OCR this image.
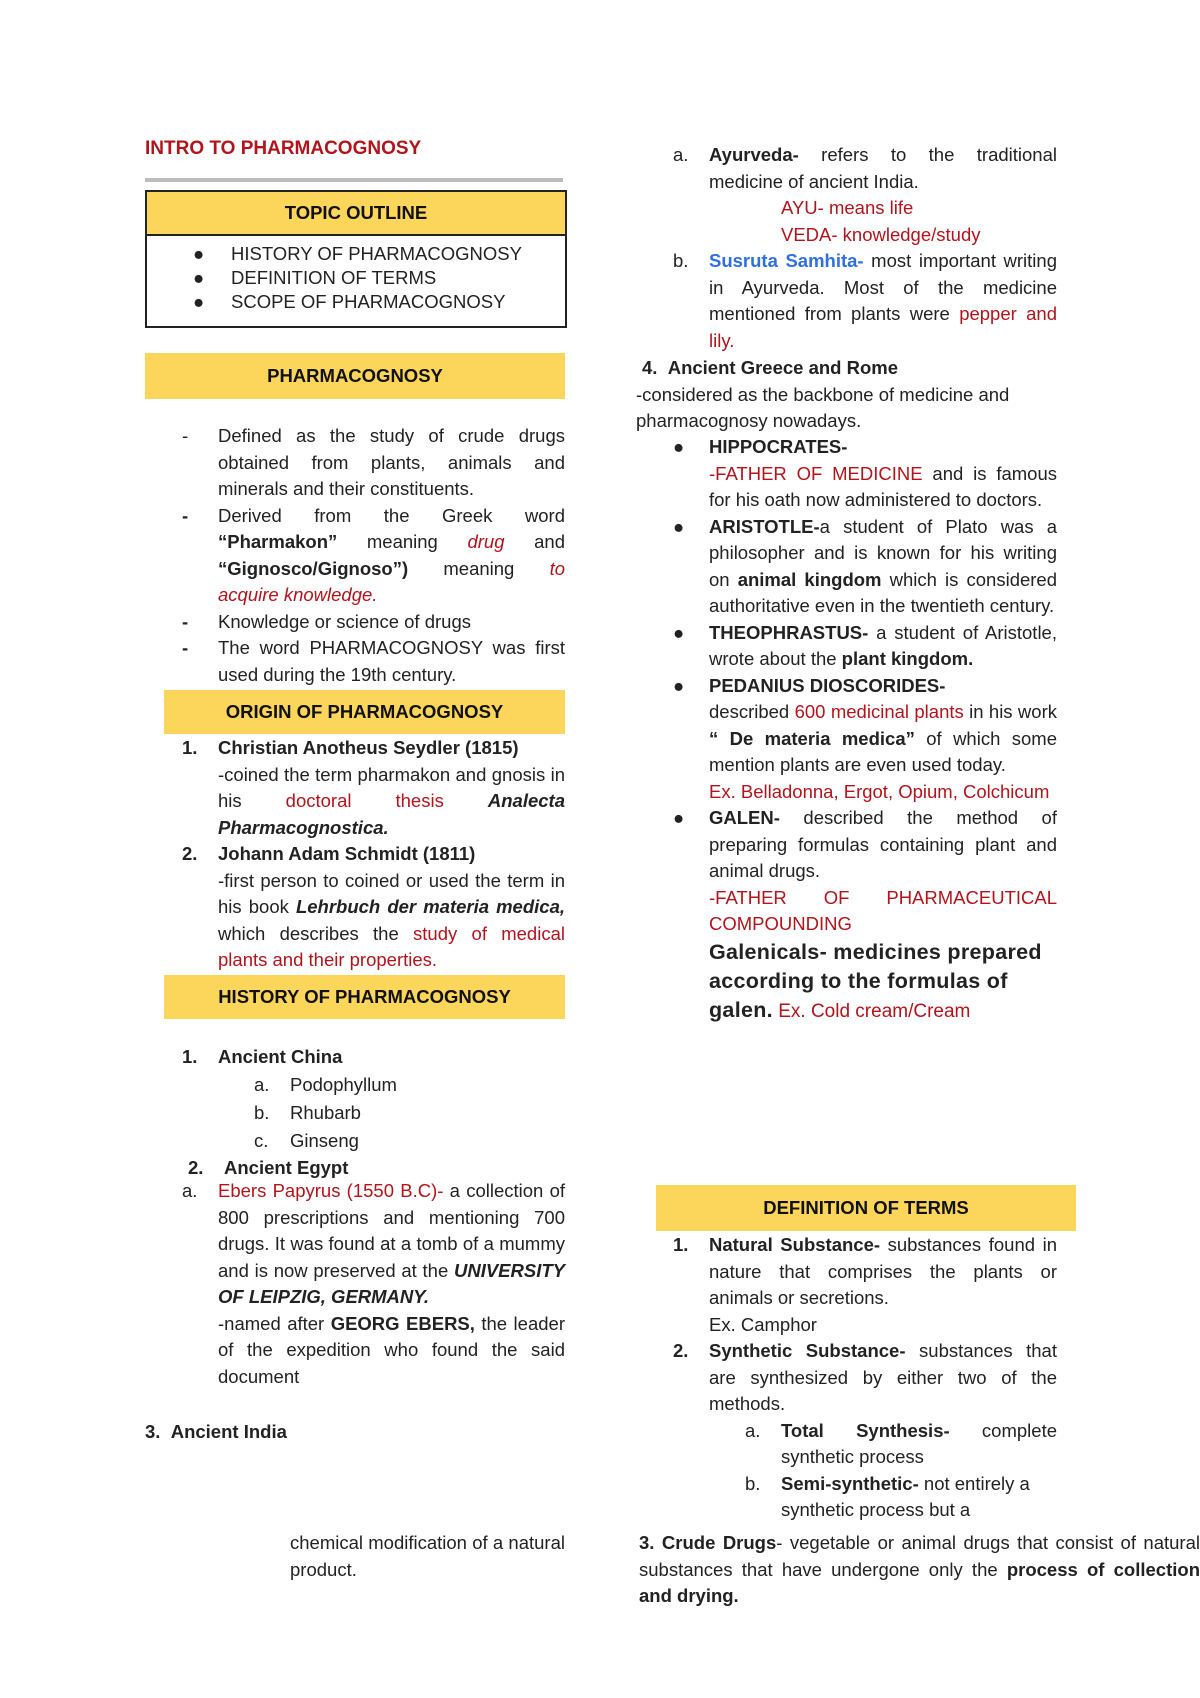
INTRO TO PHARMACOGNOSY
TOPIC OUTLINE
● HISTORY OF PHARMACOGNOSY
● DEFINITION OF TERMS
● SCOPE OF PHARMACOGNOSY
PHARMACOGNOSY
- Defined as the study of crude drugs obtained from plants, animals and minerals and their constituents.
- Derived from the Greek word “Pharmakon” meaning drug and “Gignosco/Gignoso”) meaning to acquire knowledge.
- Knowledge or science of drugs
- The word PHARMACOGNOSY was first used during the 19th century.
ORIGIN OF PHARMACOGNOSY
1. Christian Anotheus Seydler (1815)
-coined the term pharmakon and gnosis in his doctoral thesis Analecta Pharmacognostica.
2. Johann Adam Schmidt (1811)
-first person to coined or used the term in his book Lehrbuch der materia medica, which describes the study of medical plants and their properties.
HISTORY OF PHARMACOGNOSY
1. Ancient China
a. Podophyllum
b. Rhubarb
c. Ginseng
2. Ancient Egypt
a. Ebers Papyrus (1550 B.C)- a collection of 800 prescriptions and mentioning 700 drugs. It was found at a tomb of a mummy and is now preserved at the UNIVERSITY OF LEIPZIG, GERMANY.
-named after GEORG EBERS, the leader of the expedition who found the said document
3. Ancient India
chemical modification of a natural product.
a. Ayurveda- refers to the traditional medicine of ancient India.
AYU- means life
VEDA- knowledge/study
b. Susruta Samhita- most important writing in Ayurveda. Most of the medicine mentioned from plants were pepper and lily.
4. Ancient Greece and Rome
-considered as the backbone of medicine and pharmacognosy nowadays.
● HIPPOCRATES-
-FATHER OF MEDICINE and is famous for his oath now administered to doctors.
● ARISTOTLE-a student of Plato was a philosopher and is known for his writing on animal kingdom which is considered authoritative even in the twentieth century.
● THEOPHRASTUS- a student of Aristotle, wrote about the plant kingdom.
● PEDANIUS DIOSCORIDES-
described 600 medicinal plants in his work “ De materia medica” of which some mention plants are even used today.
Ex. Belladonna, Ergot, Opium, Colchicum
● GALEN- described the method of preparing formulas containing plant and animal drugs.
-FATHER OF PHARMACEUTICAL COMPOUNDING
Galenicals- medicines prepared according to the formulas of galen. Ex. Cold cream/Cream
DEFINITION OF TERMS
1. Natural Substance- substances found in nature that comprises the plants or animals or secretions.
Ex. Camphor
2. Synthetic Substance- substances that are synthesized by either two of the methods.
a. Total Synthesis- complete synthetic process
b. Semi-synthetic- not entirely a synthetic process but a
3. Crude Drugs- vegetable or animal drugs that consist of natural substances that have undergone only the process of collection and drying.
